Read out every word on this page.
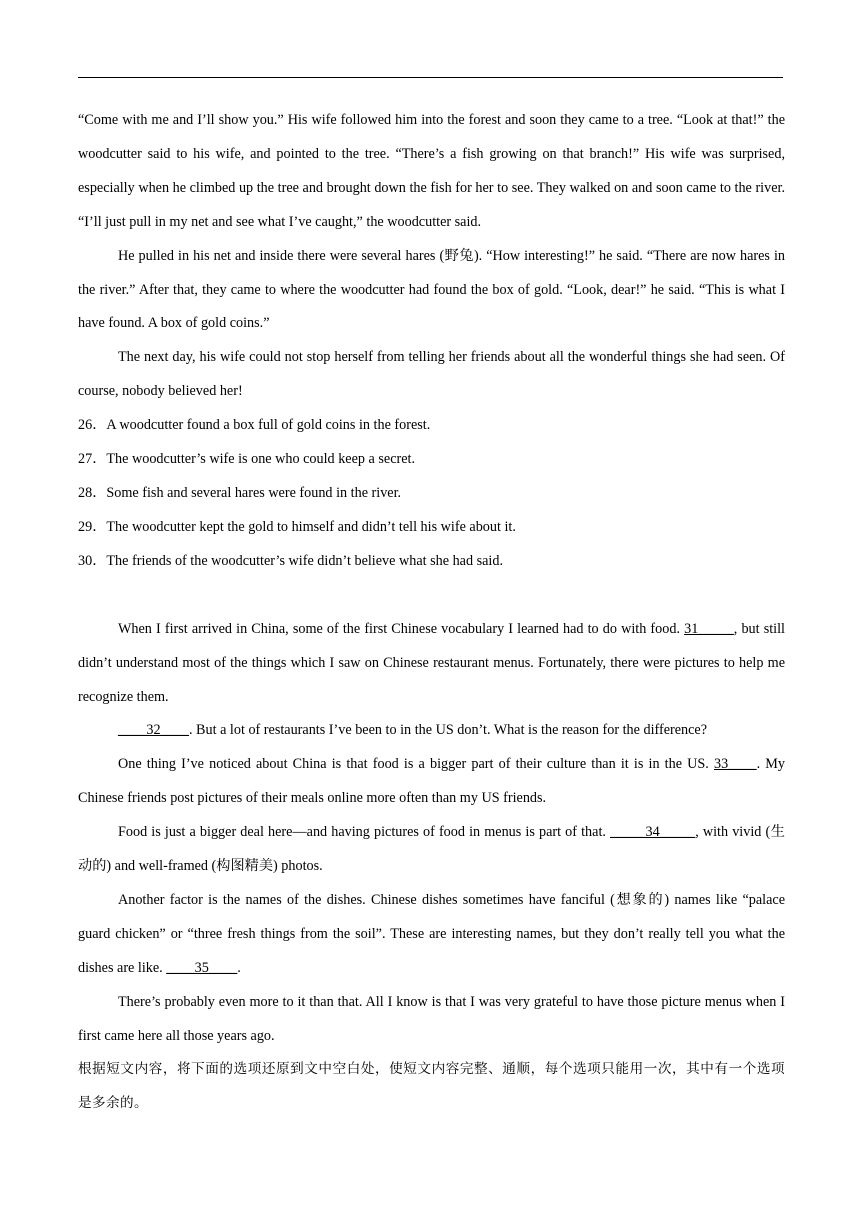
“Come with me and I’ll show you.” His wife followed him into the forest and soon they came to a tree. “Look at that!” the woodcutter said to his wife, and pointed to the tree. “There’s a fish growing on that branch!” His wife was surprised, especially when he climbed up the tree and brought down the fish for her to see. They walked on and soon came to the river. “I’ll just pull in my net and see what I’ve caught,” the woodcutter said.

He pulled in his net and inside there were several hares (野兔). “How interesting!” he said. “There are now hares in the river.” After that, they came to where the woodcutter had found the box of gold. “Look, dear!” he said. “This is what I have found. A box of gold coins.”

The next day, his wife could not stop herself from telling her friends about all the wonderful things she had seen. Of course, nobody believed her!

26．A woodcutter found a box full of gold coins in the forest.

27．The woodcutter’s wife is one who could keep a secret.

28．Some fish and several hares were found in the river.

29．The woodcutter kept the gold to himself and didn’t tell his wife about it.

30．The friends of the woodcutter’s wife didn’t believe what she had said.

When I first arrived in China, some of the first Chinese vocabulary I learned had to do with food. 31_____, but still didn’t understand most of the things which I saw on Chinese restaurant menus. Fortunately, there were pictures to help me recognize them.

____32____. But a lot of restaurants I’ve been to in the US don’t. What is the reason for the difference?

One thing I’ve noticed about China is that food is a bigger part of their culture than it is in the US. 33____. My Chinese friends post pictures of their meals online more often than my US friends.

Food is just a bigger deal here—and having pictures of food in menus is part of that. _____34_____, with vivid (生动的) and well-framed (构图精美) photos.

Another factor is the names of the dishes. Chinese dishes sometimes have fanciful (想象的) names like “palace guard chicken” or “three fresh things from the soil”. These are interesting names, but they don’t really tell you what the dishes are like. ____35____.

There’s probably even more to it than that. All I know is that I was very grateful to have those picture menus when I first came here all those years ago.

根据短文内容，将下面的选项还原到文中空白处，使短文内容完整、通顺，每个选项只能用一次，其中有一个选项是多余的。
